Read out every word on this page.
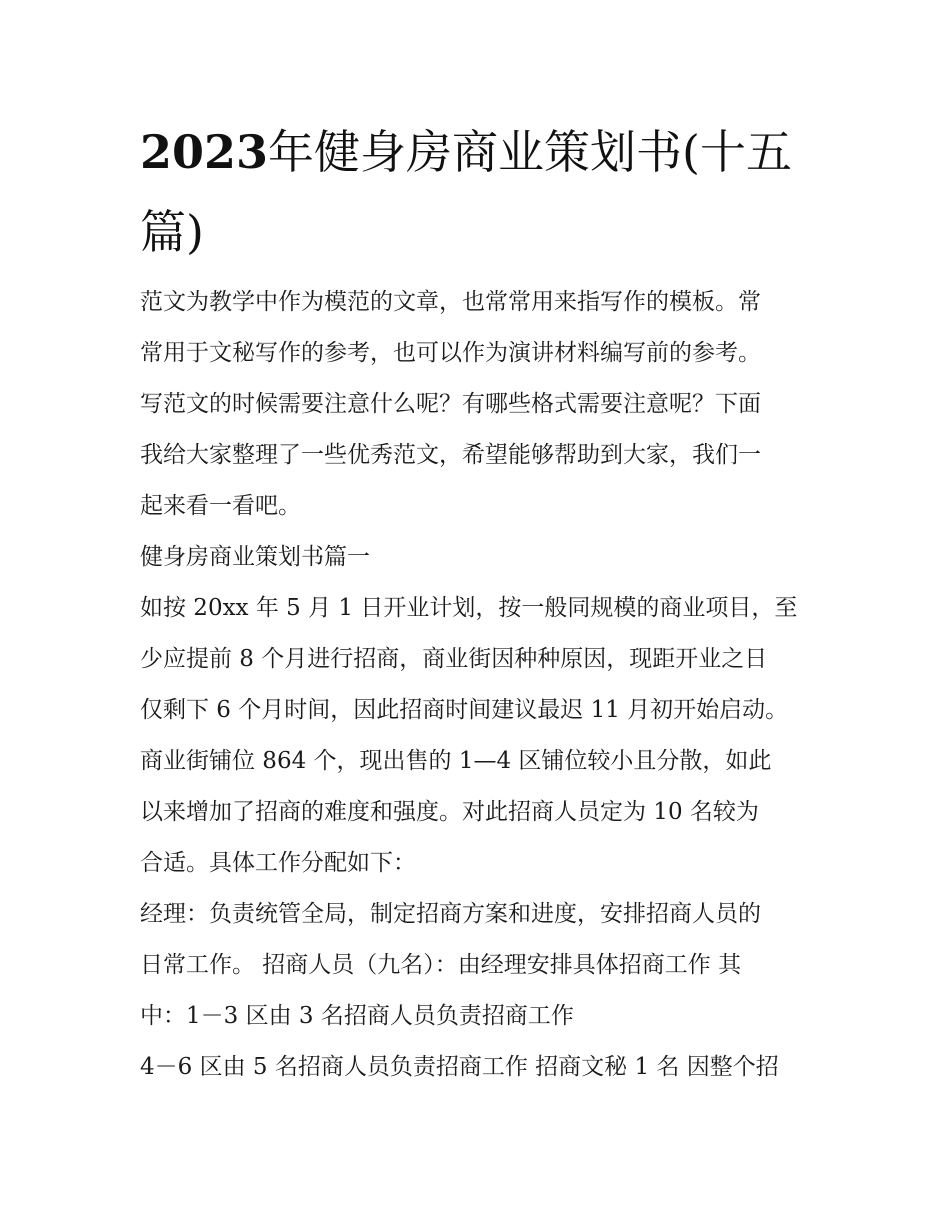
2023年健身房商业策划书(十五篇)
范文为教学中作为模范的文章，也常常用来指写作的模板。常
常用于文秘写作的参考，也可以作为演讲材料编写前的参考。
写范文的时候需要注意什么呢？有哪些格式需要注意呢？下面
我给大家整理了一些优秀范文，希望能够帮助到大家，我们一
起来看一看吧。
健身房商业策划书篇一
如按 20xx 年 5 月 1 日开业计划，按一般同规模的商业项目，至
少应提前 8 个月进行招商，商业街因种种原因，现距开业之日
仅剩下 6 个月时间，因此招商时间建议最迟 11 月初开始启动。
商业街铺位 864 个，现出售的 1—4 区铺位较小且分散，如此
以来增加了招商的难度和强度。对此招商人员定为 10 名较为
合适。具体工作分配如下：
经理：负责统管全局，制定招商方案和进度，安排招商人员的
日常工作。 招商人员（九名）：由经理安排具体招商工作 其
中：1－3 区由 3 名招商人员负责招商工作
4－6 区由 5 名招商人员负责招商工作 招商文秘 1 名 因整个招
